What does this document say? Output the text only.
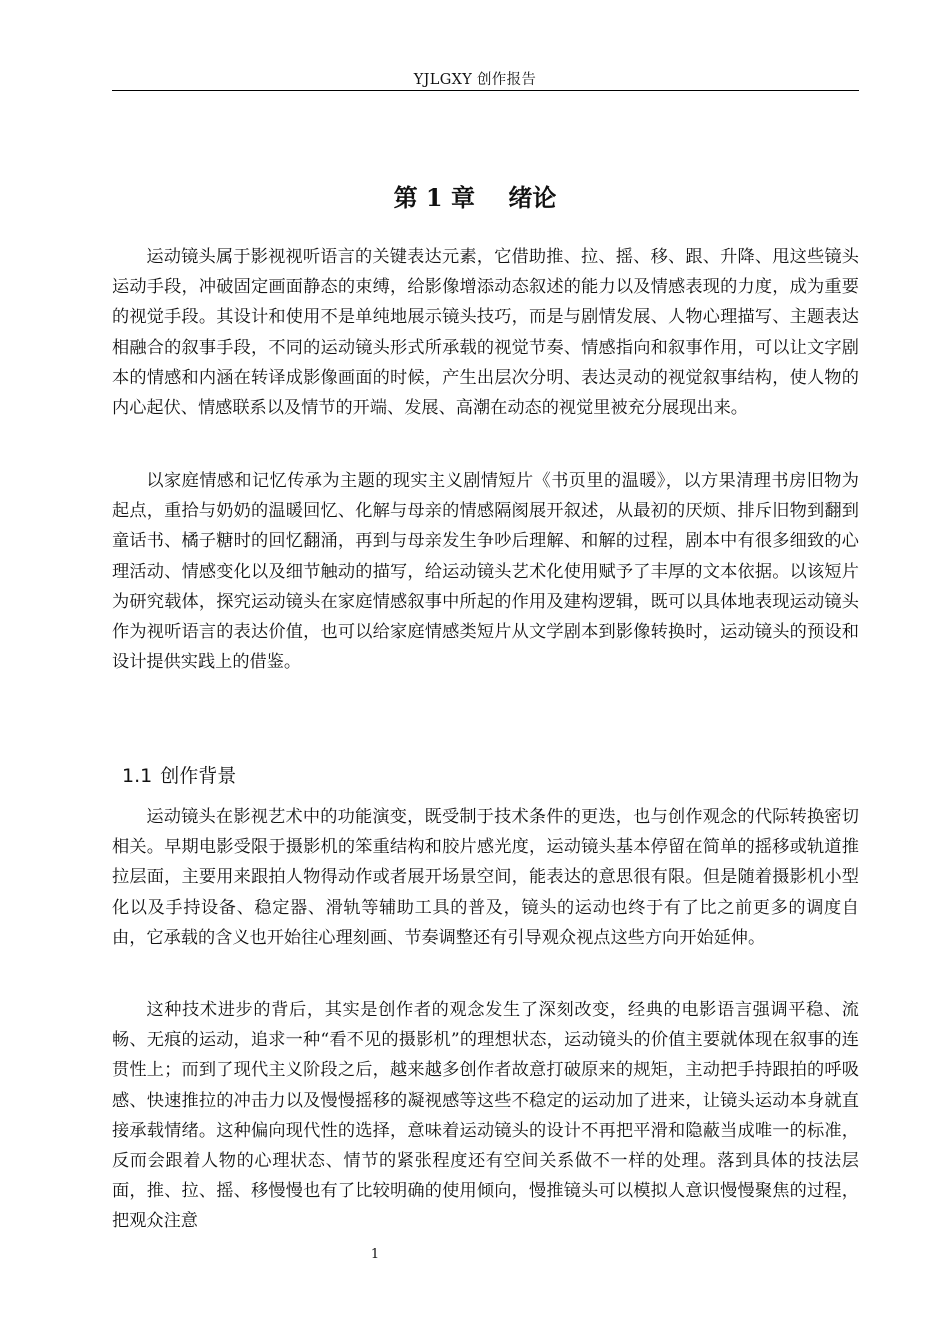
YJLGXY 创作报告
第 1 章    绪论

运动镜头属于影视视听语言的关键表达元素，它借助推、拉、摇、移、跟、升降、甩这些镜头运动手段，冲破固定画面静态的束缚，给影像增添动态叙述的能力以及情感表现的力度，成为重要的视觉手段。其设计和使用不是单纯地展示镜头技巧，而是与剧情发展、人物心理描写、主题表达相融合的叙事手段，不同的运动镜头形式所承载的视觉节奏、情感指向和叙事作用，可以让文字剧本的情感和内涵在转译成影像画面的时候，产生出层次分明、表达灵动的视觉叙事结构，使人物的内心起伏、情感联系以及情节的开端、发展、高潮在动态的视觉里被充分展现出来。

以家庭情感和记忆传承为主题的现实主义剧情短片《书页里的温暖》，以方果清理书房旧物为起点，重拾与奶奶的温暖回忆、化解与母亲的情感隔阂展开叙述，从最初的厌烦、排斥旧物到翻到童话书、橘子糖时的回忆翻涌，再到与母亲发生争吵后理解、和解的过程，剧本中有很多细致的心理活动、情感变化以及细节触动的描写，给运动镜头艺术化使用赋予了丰厚的文本依据。以该短片为研究载体，探究运动镜头在家庭情感叙事中所起的作用及建构逻辑，既可以具体地表现运动镜头作为视听语言的表达价值，也可以给家庭情感类短片从文学剧本到影像转换时，运动镜头的预设和设计提供实践上的借鉴。

1.1 创作背景

运动镜头在影视艺术中的功能演变，既受制于技术条件的更迭，也与创作观念的代际转换密切相关。早期电影受限于摄影机的笨重结构和胶片感光度，运动镜头基本停留在简单的摇移或轨道推拉层面，主要用来跟拍人物得动作或者展开场景空间，能表达的意思很有限。但是随着摄影机小型化以及手持设备、稳定器、滑轨等辅助工具的普及，镜头的运动也终于有了比之前更多的调度自由，它承载的含义也开始往心理刻画、节奏调整还有引导观众视点这些方向开始延伸。

这种技术进步的背后，其实是创作者的观念发生了深刻改变，经典的电影语言强调平稳、流畅、无痕的运动，追求一种“看不见的摄影机”的理想状态，运动镜头的价值主要就体现在叙事的连贯性上；而到了现代主义阶段之后，越来越多创作者故意打破原来的规矩，主动把手持跟拍的呼吸感、快速推拉的冲击力以及慢慢摇移的凝视感等这些不稳定的运动加了进来，让镜头运动本身就直接承载情绪。这种偏向现代性的选择，意味着运动镜头的设计不再把平滑和隐蔽当成唯一的标准，反而会跟着人物的心理状态、情节的紧张程度还有空间关系做不一样的处理。落到具体的技法层面，推、拉、摇、移慢慢也有了比较明确的使用倾向，慢推镜头可以模拟人意识慢慢聚焦的过程，把观众注意

1
